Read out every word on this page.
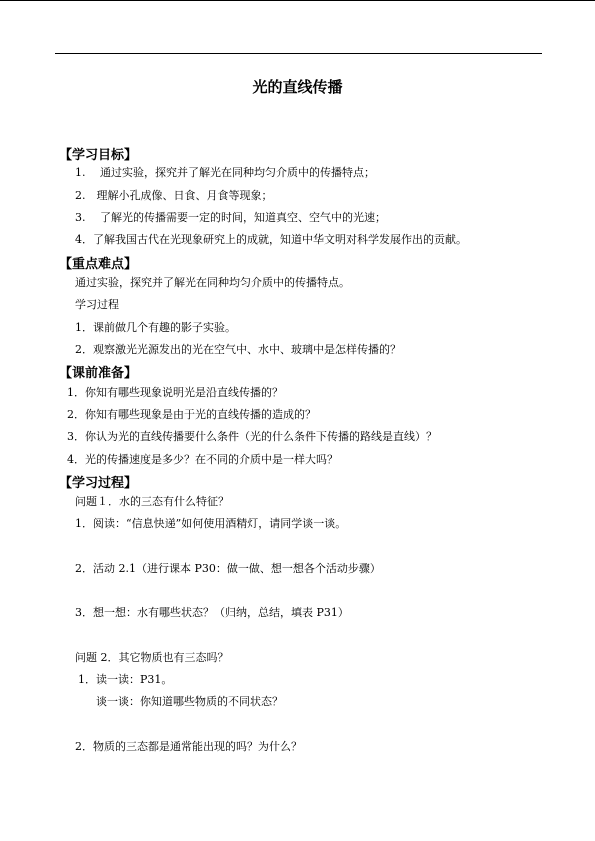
光的直线传播
【学习目标】
1.　 通过实验，探究并了解光在同种均匀介质中的传播特点；
2.　理解小孔成像、日食、月食等现象；
3.　 了解光的传播需要一定的时间，知道真空、空气中的光速；
4．了解我国古代在光现象研究上的成就，知道中华文明对科学发展作出的贡献。
【重点难点】
通过实验，探究并了解光在同种均匀介质中的传播特点。
学习过程
1．课前做几个有趣的影子实验。
2．观察激光光源发出的光在空气中、水中、玻璃中是怎样传播的？
【课前准备】
1．你知有哪些现象说明光是沿直线传播的？
2．你知有哪些现象是由于光的直线传播的造成的？
3．你认为光的直线传播要什么条件（光的什么条件下传播的路线是直线）？
4．光的传播速度是多少？在不同的介质中是一样大吗？
【学习过程】
问题１．水的三态有什么特征？
1．阅读：“信息快递”如何使用酒精灯，请同学谈一谈。
2．活动 2.1（进行课本 P30：做一做、想一想各个活动步骤）
3．想一想：水有哪些状态？（归纳，总结，填表 P31）
问题 2．其它物质也有三态吗？
1．读一读：P31。
谈一谈：你知道哪些物质的不同状态？
2．物质的三态都是通常能出现的吗？为什么？
